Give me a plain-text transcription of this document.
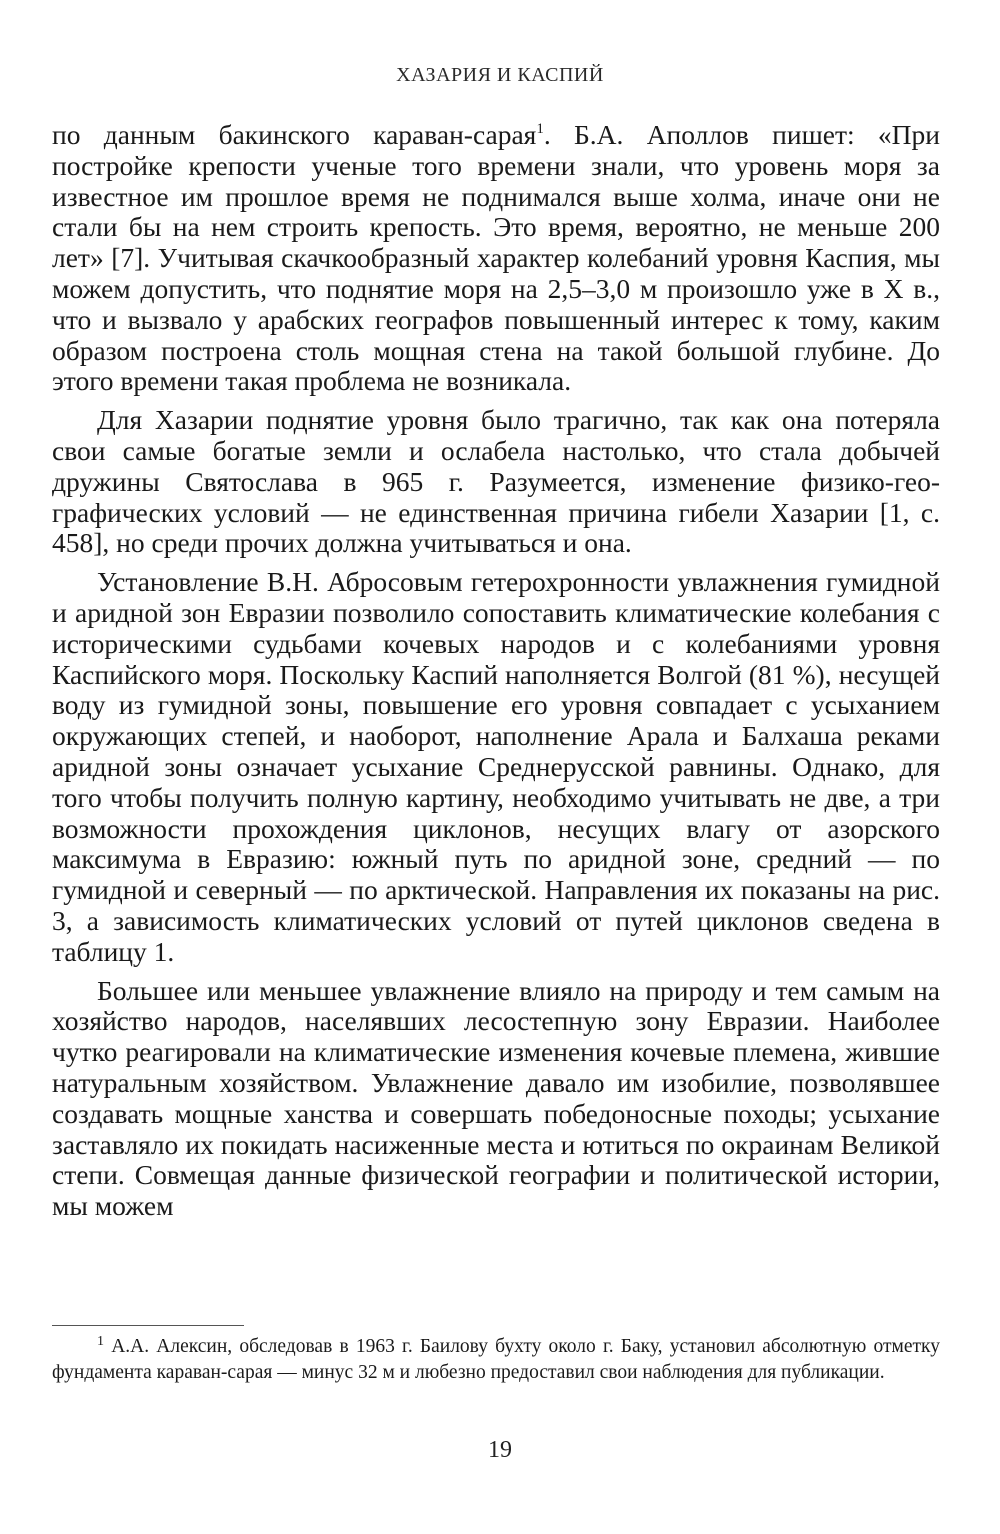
ХАЗАРИЯ И КАСПИЙ

по данным бакинского караван-сарая$^1$. Б.А. Аполлов пишет: «При постройке крепости ученые того времени знали, что уровень моря за известное им прошлое время не поднимался выше холма, иначе они не стали бы на нем строить крепость. Это время, вероятно, не меньше 200 лет» [7]. Учитывая скачкообразный характер колебаний уровня Каспия, мы можем допустить, что поднятие моря на 2,5–3,0 м произошло уже в X в., что и вызвало у арабских географов повышенный интерес к тому, каким образом построена столь мощная стена на такой большой глубине. До этого времени такая проблема не возникала.

Для Хазарии поднятие уровня было трагично, так как она потеряла свои самые богатые земли и ослабела настолько, что стала добычей дружины Святослава в 965 г. Разумеется, изменение физико-географических условий — не единственная причина гибели Хазарии [1, с. 458], но среди прочих должна учитываться и она.

Установление В.Н. Абросовым гетерохронности увлажнения гумидной и аридной зон Евразии позволило сопоставить климатические колебания с историческими судьбами кочевых народов и с колебаниями уровня Каспийского моря. Поскольку Каспий наполняется Волгой (81 %), несущей воду из гумидной зоны, повышение его уровня совпадает с усыханием окружающих степей, и наоборот, наполнение Арала и Балхаша реками аридной зоны означает усыхание Среднерусской равнины. Однако, для того чтобы получить полную картину, необходимо учитывать не две, а три возможности прохождения циклонов, несущих влагу от азорского максимума в Евразию: южный путь по аридной зоне, средний — по гумидной и северный — по арктической. Направления их показаны на рис. 3, а зависимость климатических условий от путей циклонов сведена в таблицу 1.

Большее или меньшее увлажнение влияло на природу и тем самым на хозяйство народов, населявших лесостепную зону Евразии. Наиболее чутко реагировали на климатические изменения кочевые племена, жившие натуральным хозяйством. Увлажнение давало им изобилие, позволявшее создавать мощные ханства и совершать победоносные походы; усыхание заставляло их покидать насиженные места и ютиться по окраинам Великой степи. Совмещая данные физической географии и политической истории, мы можем

$^1$ А.А. Алексин, обследовав в 1963 г. Баилову бухту около г. Баку, установил абсолютную отметку фундамента караван-сарая — минус 32 м и любезно предоставил свои наблюдения для публикации.

19
